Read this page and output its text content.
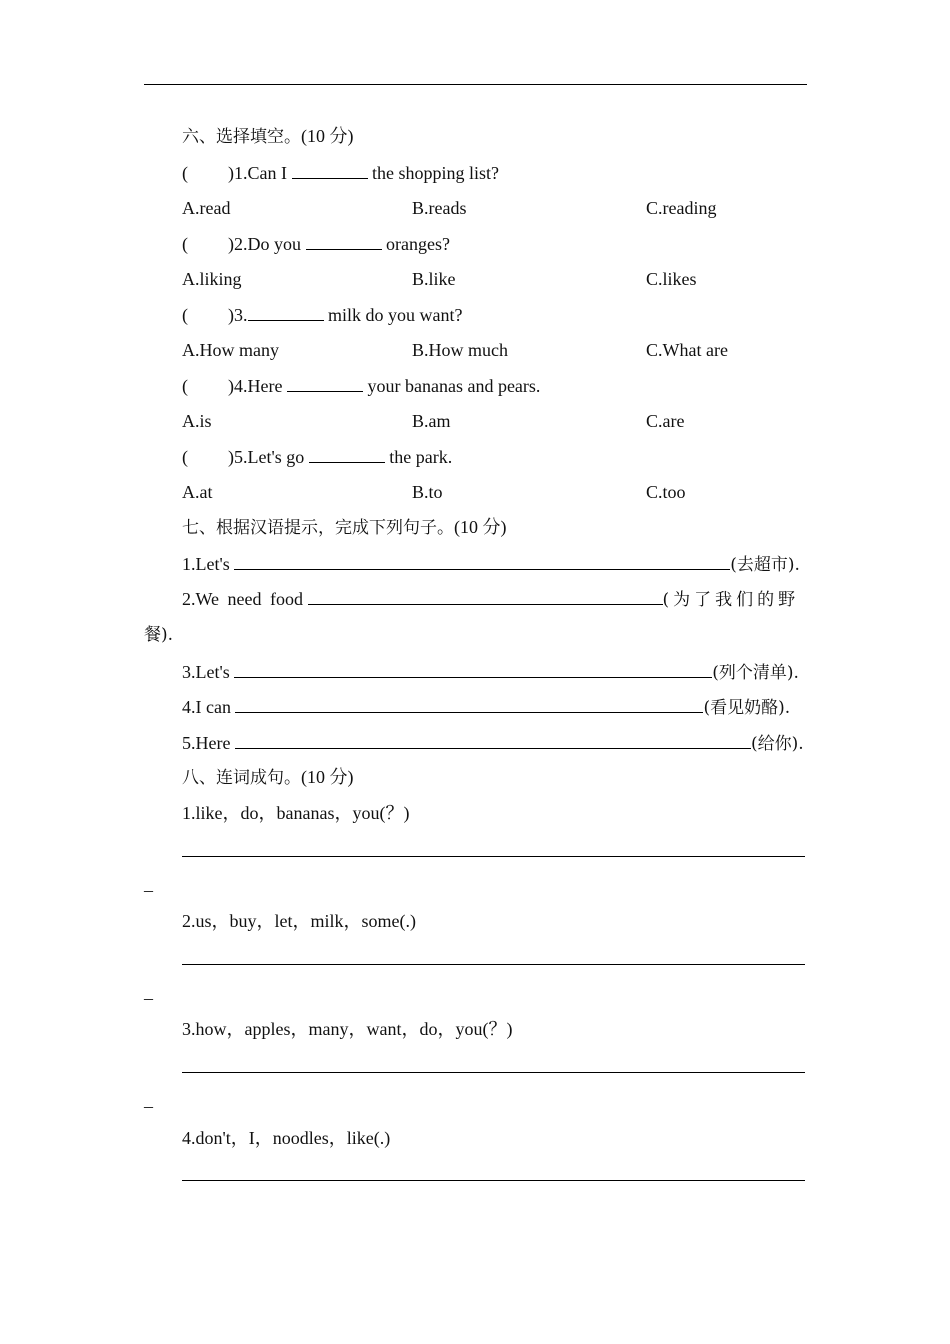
六、选择填空。(10 分)
( )1.Can I	the shopping list?
A.read	B.reads	C.reading
( )2.Do you	oranges?
A.liking	B.like	C.likes
( )3.	milk do you want?
A.How many	B.How much	C.What are
( )4.Here	your bananas and pears.
A.is	B.am	C.are
( )5.Let's go	the park.
A.at	B.to	C.too
七、根据汉语提示，完成下列句子。(10 分)
1.Let's	(去超市).
2.We need food	(为了我们的野
餐).
3.Let's	(列个清单).
4.I can	(看见奶酪).
5.Here	(给你).
八、连词成句。(10 分)
1.like，do，bananas，you(？)
–
2.us，buy，let，milk，some(.)
–
3.how，apples，many，want，do，you(？)
–
4.don't，I，noodles，like(.)
